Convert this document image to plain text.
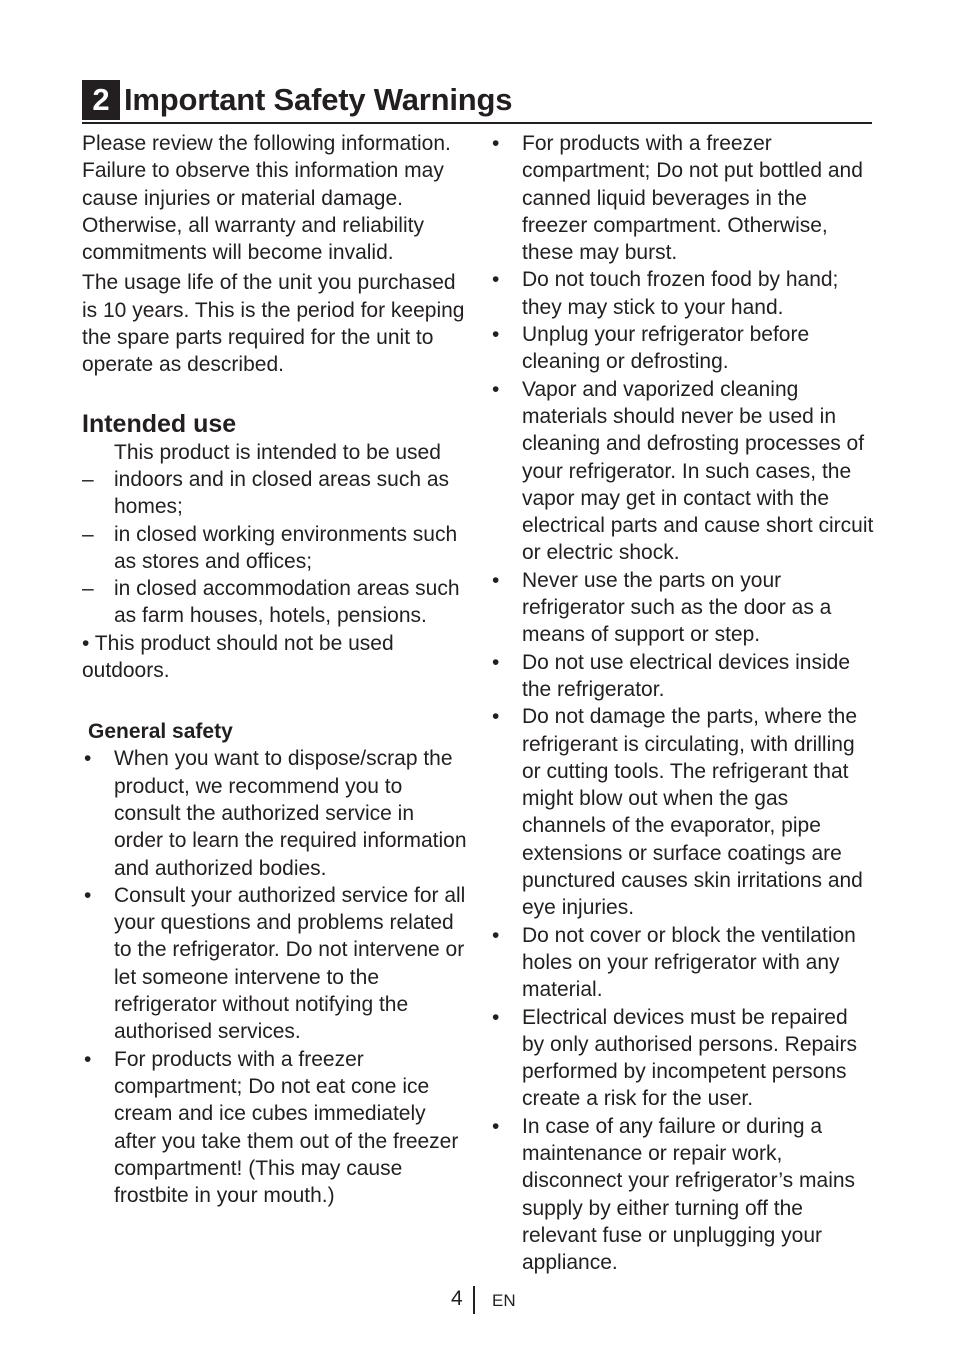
2 Important Safety Warnings

Please review the following information. Failure to observe this information may cause injuries or material damage. Otherwise, all warranty and reliability commitments will become invalid.

The usage life of the unit you purchased is 10 years. This is the period for keeping the spare parts required for the unit to operate as described.

Intended use
This product is intended to be used
– indoors and in closed areas such as homes;
– in closed working environments such as stores and offices;
– in closed accommodation areas such as farm houses, hotels, pensions.

• This product should not be used outdoors.

General safety
• When you want to dispose/scrap the product, we recommend you to consult the authorized service in order to learn the required information and authorized bodies.
• Consult your authorized service for all your questions and problems related to the refrigerator. Do not intervene or let someone intervene to the refrigerator without notifying the authorised services.
• For products with a freezer compartment; Do not eat cone ice cream and ice cubes immediately after you take them out of the freezer compartment! (This may cause frostbite in your mouth.)
• For products with a freezer compartment; Do not put bottled and canned liquid beverages in the freezer compartment. Otherwise, these may burst.
• Do not touch frozen food by hand; they may stick to your hand.
• Unplug your refrigerator before cleaning or defrosting.
• Vapor and vaporized cleaning materials should never be used in cleaning and defrosting processes of your refrigerator. In such cases, the vapor may get in contact with the electrical parts and cause short circuit or electric shock.
• Never use the parts on your refrigerator such as the door as a means of support or step.
• Do not use electrical devices inside the refrigerator.
• Do not damage the parts, where the refrigerant is circulating, with drilling or cutting tools. The refrigerant that might blow out when the gas channels of the evaporator, pipe extensions or surface coatings are punctured causes skin irritations and eye injuries.
• Do not cover or block the ventilation holes on your refrigerator with any material.
• Electrical devices must be repaired by only authorised persons. Repairs performed by incompetent persons create a risk for the user.
• In case of any failure or during a maintenance or repair work, disconnect your refrigerator’s mains supply by either turning off the relevant fuse or unplugging your appliance.
4 EN
